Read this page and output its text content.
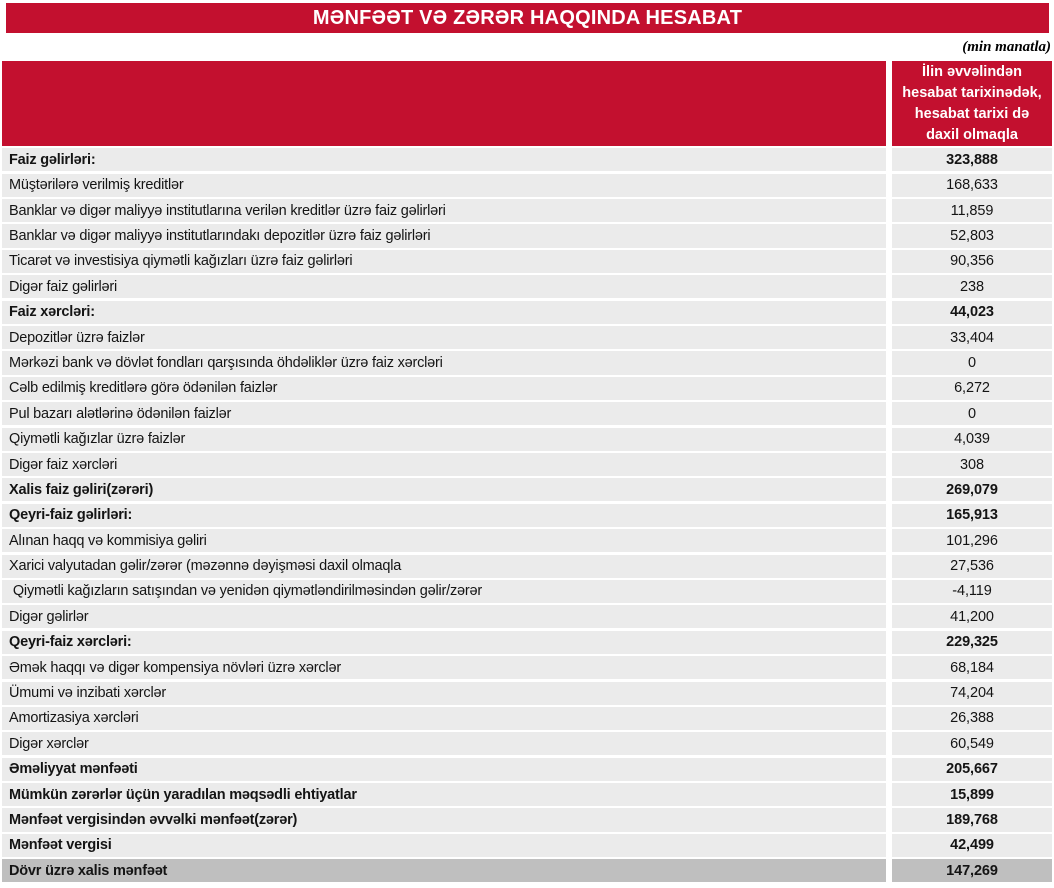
MƏNFƏƏT VƏ ZƏRƏR HAQQINDA HESABAT
(min manatla)
İlin əvvəlindən hesabat tarixinədək, hesabat tarixi də daxil olmaqla
Faiz gəlirləri:	323,888
Müştərilərə verilmiş kreditlər	168,633
Banklar və digər maliyyə institutlarına verilən kreditlər üzrə faiz gəlirləri	11,859
Banklar və digər maliyyə institutlarındakı depozitlər üzrə faiz gəlirləri	52,803
Ticarət və investisiya qiymətli kağızları üzrə faiz gəlirləri	90,356
Digər faiz gəlirləri	238
Faiz xərcləri:	44,023
Depozitlər üzrə faizlər	33,404
Mərkəzi bank və dövlət fondları qarşısında öhdəliklər üzrə faiz xərcləri	0
Cəlb edilmiş kreditlərə görə ödənilən faizlər	6,272
Pul bazarı alətlərinə ödənilən faizlər	0
Qiymətli kağızlar üzrə faizlər	4,039
Digər faiz xərcləri	308
Xalis faiz gəliri(zərəri)	269,079
Qeyri-faiz gəlirləri:	165,913
Alınan haqq və kommisiya gəliri	101,296
Xarici valyutadan gəlir/zərər (məzənnə dəyişməsi daxil olmaqla	27,536
Qiymətli kağızların satışından və yenidən qiymətləndirilməsindən gəlir/zərər	-4,119
Digər gəlirlər	41,200
Qeyri-faiz xərcləri:	229,325
Əmək haqqı və digər kompensiya növləri üzrə xərclər	68,184
Ümumi və inzibati xərclər	74,204
Amortizasiya xərcləri	26,388
Digər xərclər	60,549
Əməliyyat mənfəəti	205,667
Mümkün zərərlər üçün yaradılan məqsədli ehtiyatlar	15,899
Mənfəət vergisindən əvvəlki mənfəət(zərər)	189,768
Mənfəət vergisi	42,499
Dövr üzrə xalis mənfəət	147,269
